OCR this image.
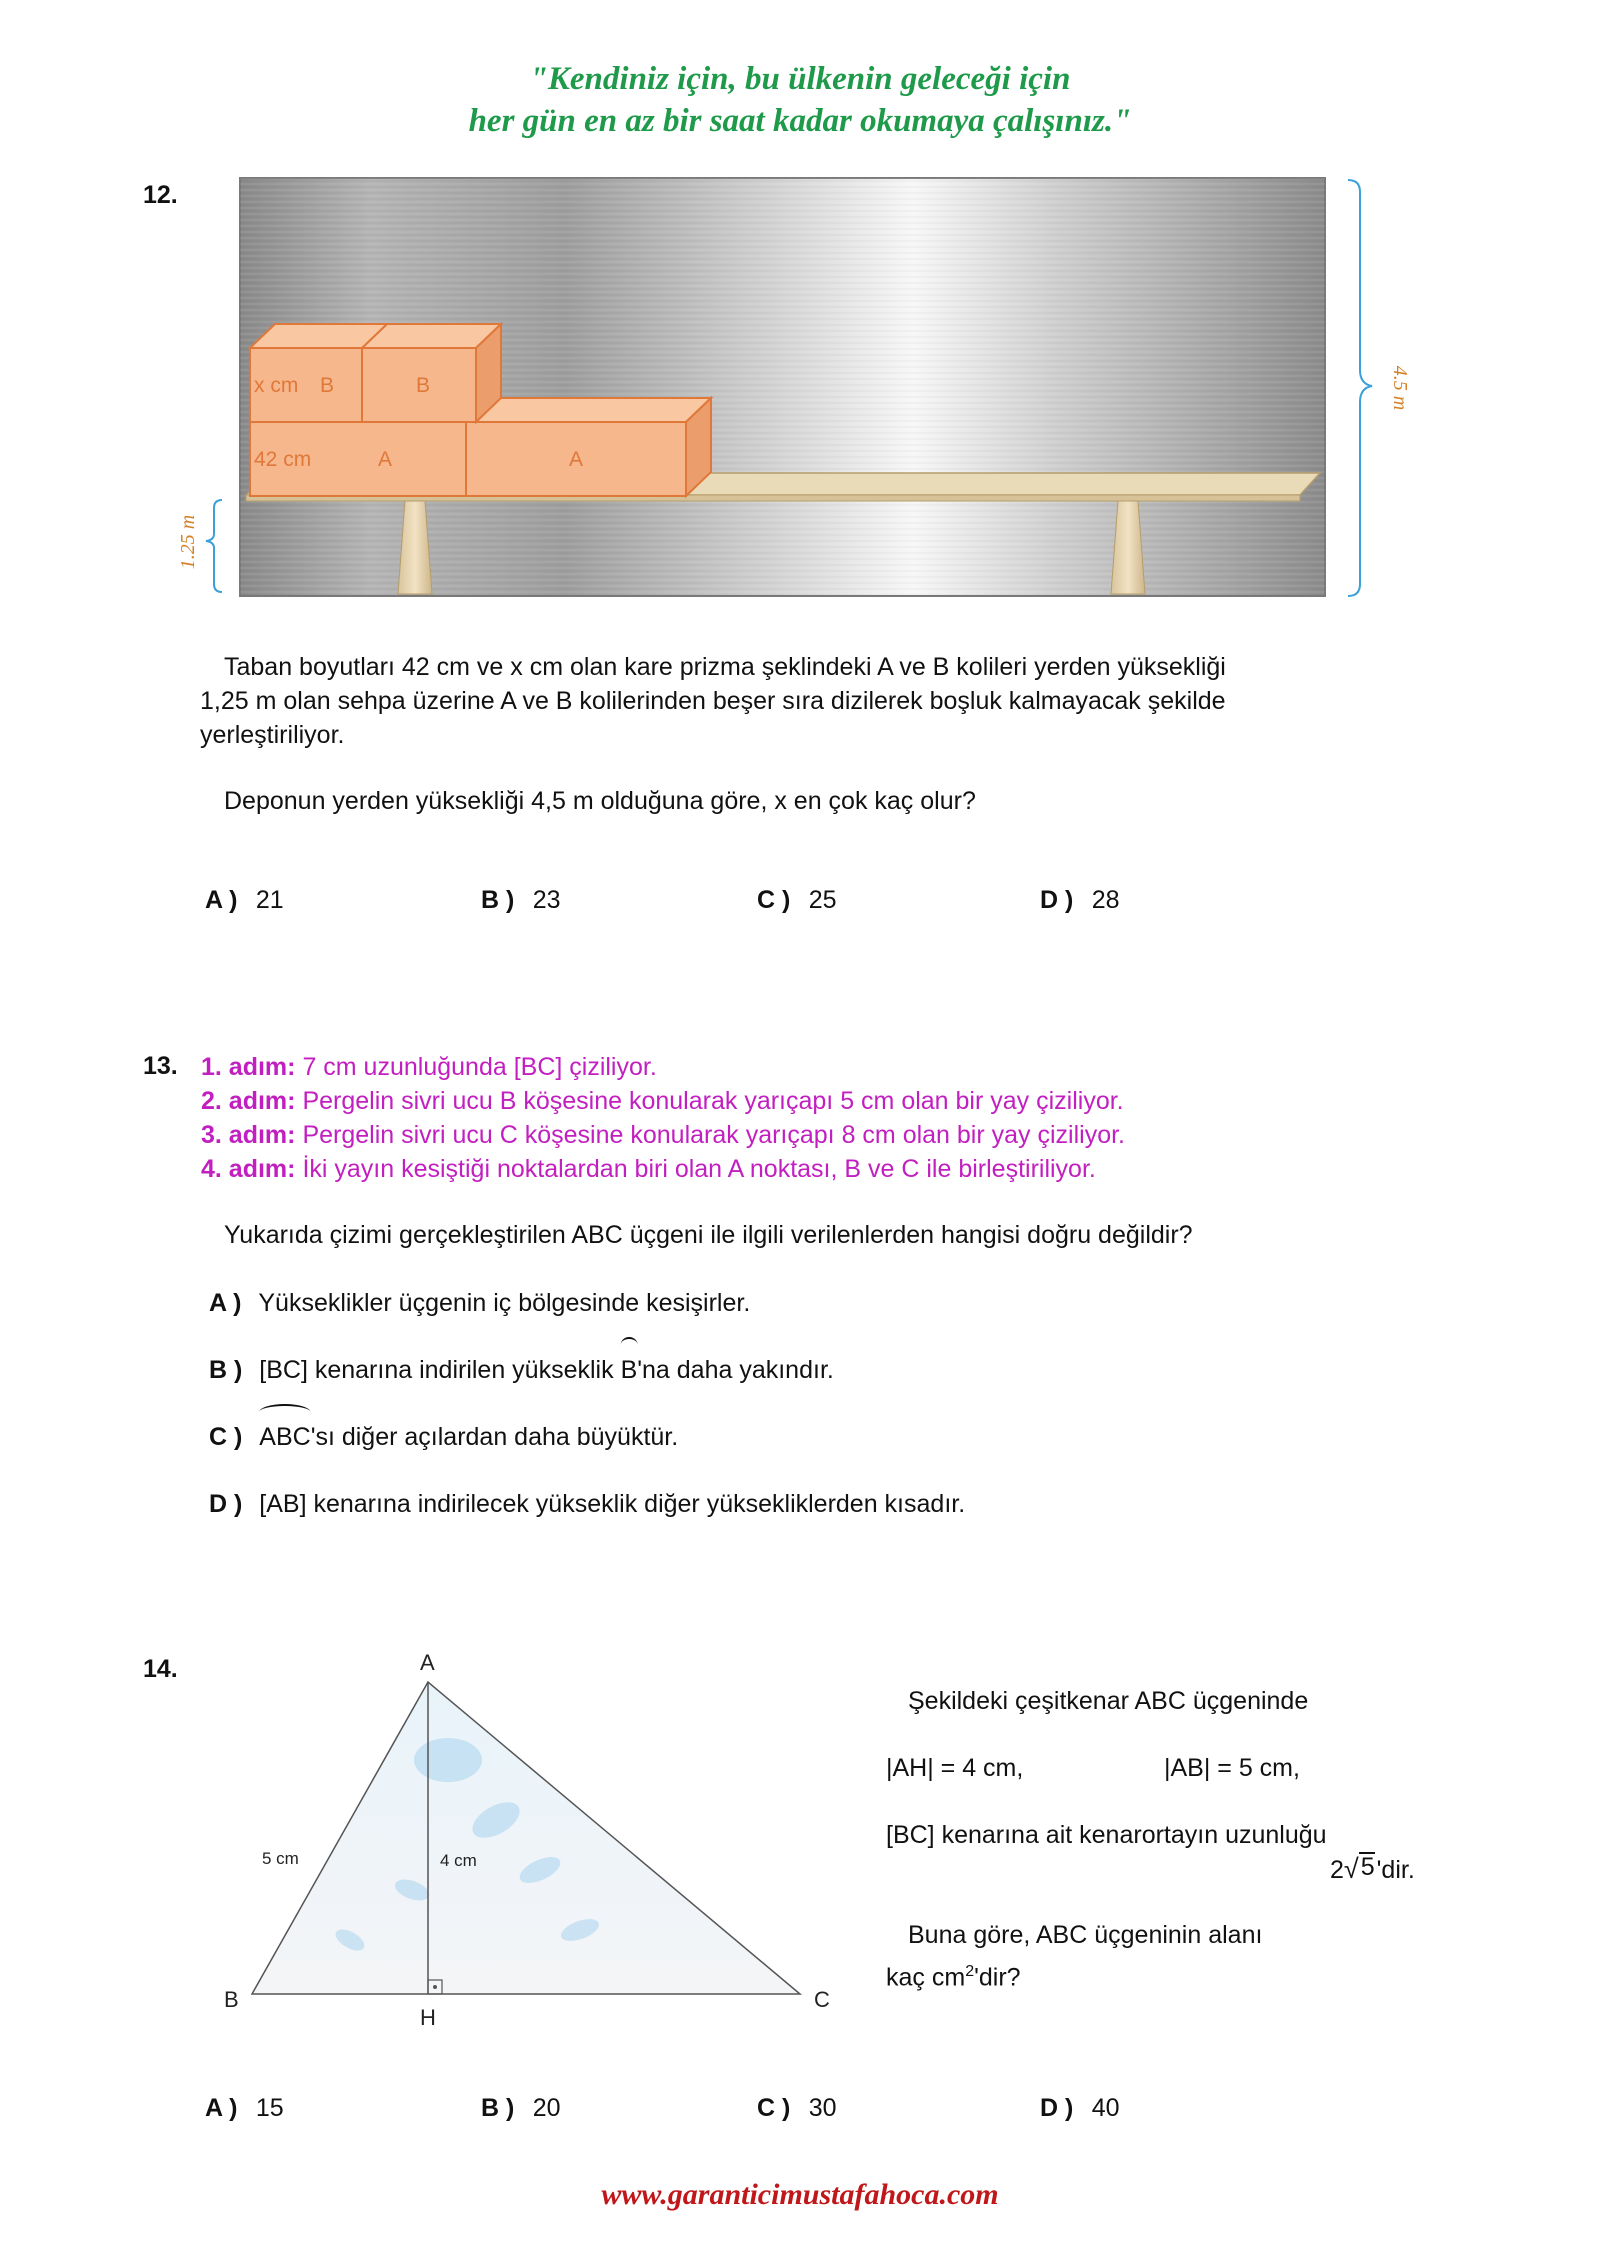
"Kendiniz için, bu ülkenin geleceği için
her gün en az bir saat kadar okumaya çalışınız."
12.
x cm B	B
42 cm	A	A
1.25 m
4.5 m
Taban boyutları 42 cm ve x cm olan kare prizma şeklindeki A ve B kolileri yerden yüksekliği
1,25 m olan sehpa üzerine A ve B kolilerinden beşer sıra dizilerek boşluk kalmayacak şekilde
yerleştiriliyor.
Deponun yerden yüksekliği 4,5 m olduğuna göre, x en çok kaç olur?
A ) 21	B ) 23	C ) 25	D ) 28
13. 1. adım: 7 cm uzunluğunda [BC] çiziliyor.
2. adım: Pergelin sivri ucu B köşesine konularak yarıçapı 5 cm olan bir yay çiziliyor.
3. adım: Pergelin sivri ucu C köşesine konularak yarıçapı 8 cm olan bir yay çiziliyor.
4. adım: İki yayın kesiştiği noktalardan biri olan A noktası, B ve C ile birleştiriliyor.
Yukarıda çizimi gerçekleştirilen ABC üçgeni ile ilgili verilenlerden hangisi doğru değildir?
A ) Yükseklikler üçgenin iç bölgesinde kesişirler.
B ) [BC] kenarına indirilen yükseklik B'na daha yakındır.
C ) ABC'sı diğer açılardan daha büyüktür.
D ) [AB] kenarına indirilecek yükseklik diğer yüksekliklerden kısadır.
14.	A
B	C
H
5 cm	4 cm
Şekildeki çeşitkenar ABC üçgeninde
|AH| = 4 cm,	|AB| = 5 cm,
[BC] kenarına ait kenarortayın uzunluğu
2 √ 5 'dir.
Buna göre, ABC üçgeninin alanı
kaç $cm^2'dir$?
A ) 15	B ) 20	C ) 30	D ) 40
www.garanticimustafahoca.com
